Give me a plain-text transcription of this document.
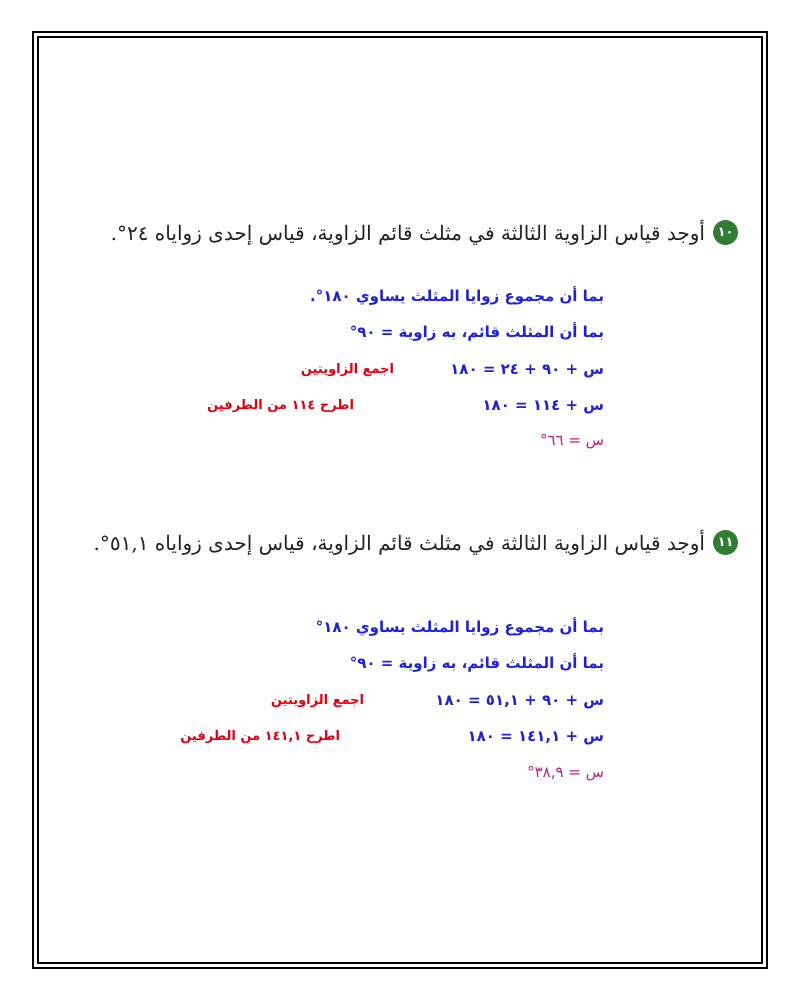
١٠
أوجد قياس الزاوية الثالثة في مثلث قائم الزاوية، قياس إحدى زواياه ٢٤°.
بما أن مجموع زوايا المثلث يساوي ١٨٠°.
بما أن المثلث قائم، به زاوية = ٩٠°
س + ٩٠ + ٢٤ = ١٨٠
اجمع الزاويتين
س + ١١٤ = ١٨٠
اطرح ١١٤ من الطرفين
س = ٦٦°
١١
أوجد قياس الزاوية الثالثة في مثلث قائم الزاوية، قياس إحدى زواياه ٥١,١°.
بما أن مجموع زوايا المثلث يساوي ١٨٠°
بما أن المثلث قائم، به زاوية = ٩٠°
س + ٩٠ + ٥١,١ = ١٨٠
اجمع الزاويتين
س + ١٤١,١ = ١٨٠
اطرح ١٤١,١ من الطرفين
س = ٣٨,٩°
